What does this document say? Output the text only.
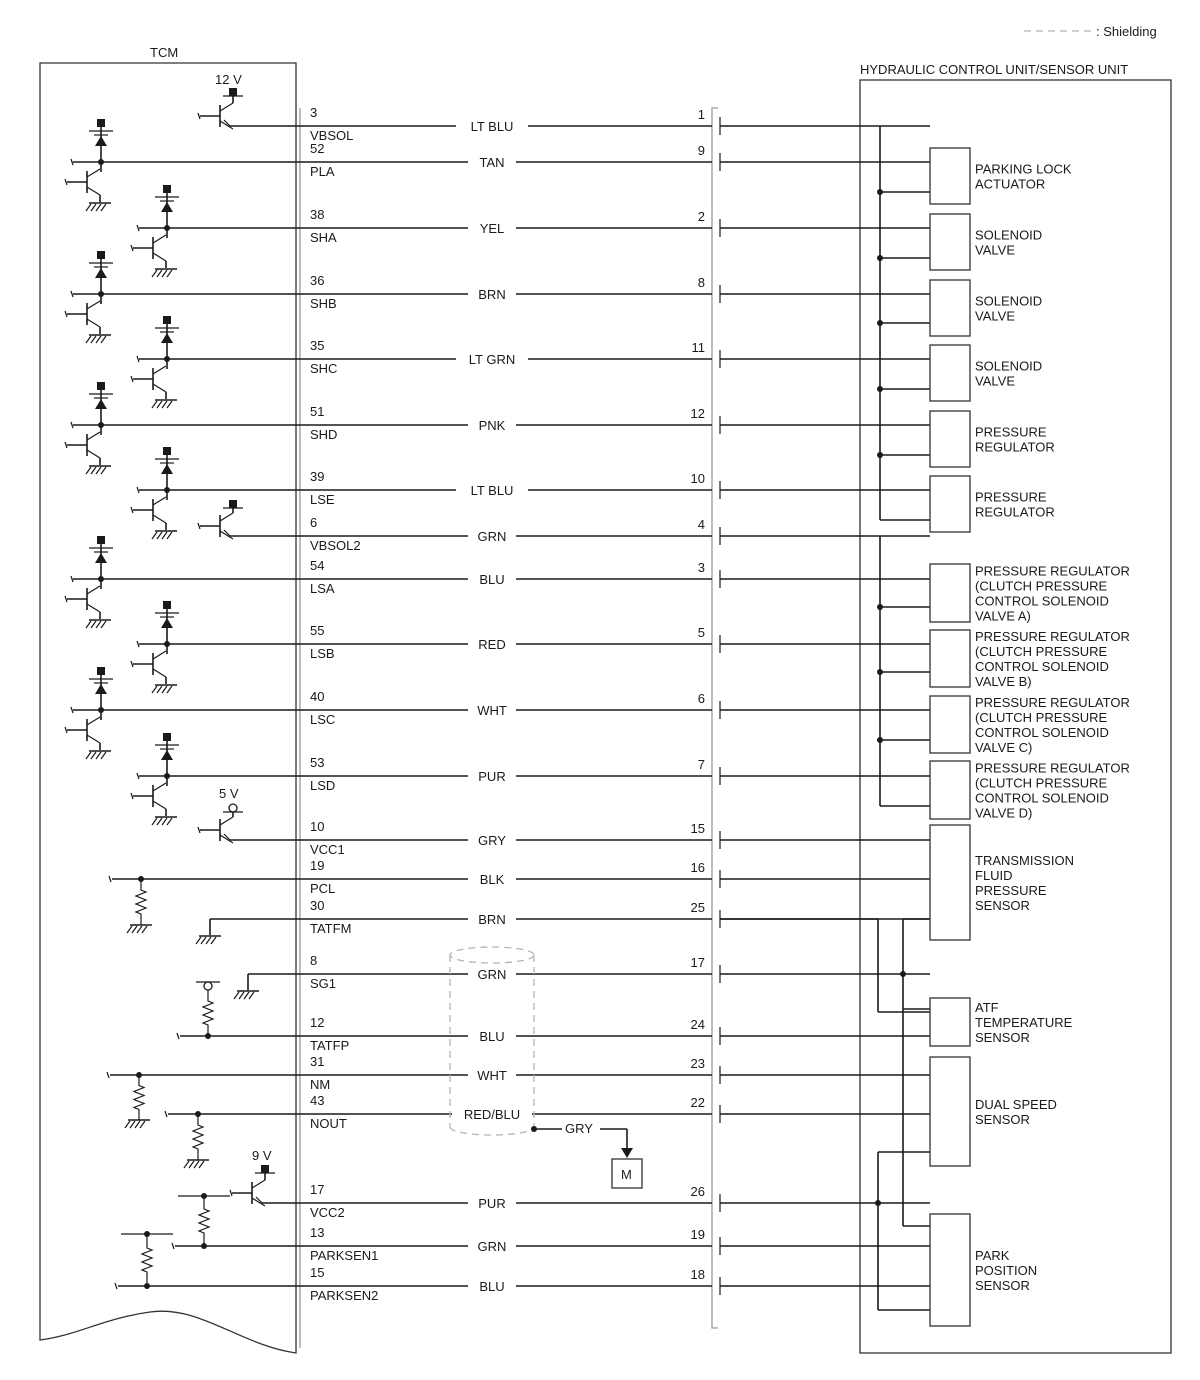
: Shielding
TCM
HYDRAULIC CONTROL UNIT/SENSOR UNIT
3
VBSOL
LT BLU
1
52
PLA
TAN
9
38
SHA
YEL
2
36
SHB
BRN
8
35
SHC
LT GRN
11
51
SHD
PNK
12
39
LSE
LT BLU
10
6
VBSOL2
GRN
4
54
LSA
BLU
3
55
LSB
RED
5
40
LSC
WHT
6
53
LSD
PUR
7
10
VCC1
GRY
15
19
PCL
BLK
16
30
TATFM
BRN
25
8
SG1
GRN
17
12
TATFP
BLU
24
31
NM
WHT
23
43
NOUT
RED/BLU
22
17
VCC2
PUR
26
13
PARKSEN1
GRN
19
15
PARKSEN2
BLU
18
PARKING LOCK
ACTUATOR
SOLENOID
VALVE
SOLENOID
VALVE
SOLENOID
VALVE
PRESSURE
REGULATOR
PRESSURE
REGULATOR
PRESSURE REGULATOR
(CLUTCH PRESSURE
CONTROL SOLENOID
VALVE A)
PRESSURE REGULATOR
(CLUTCH PRESSURE
CONTROL SOLENOID
VALVE B)
PRESSURE REGULATOR
(CLUTCH PRESSURE
CONTROL SOLENOID
VALVE C)
PRESSURE REGULATOR
(CLUTCH PRESSURE
CONTROL SOLENOID
VALVE D)
TRANSMISSION
FLUID
PRESSURE
SENSOR
ATF
TEMPERATURE
SENSOR
DUAL SPEED
SENSOR
PARK
POSITION
SENSOR
GRY
M
12 V
5 V
9 V
